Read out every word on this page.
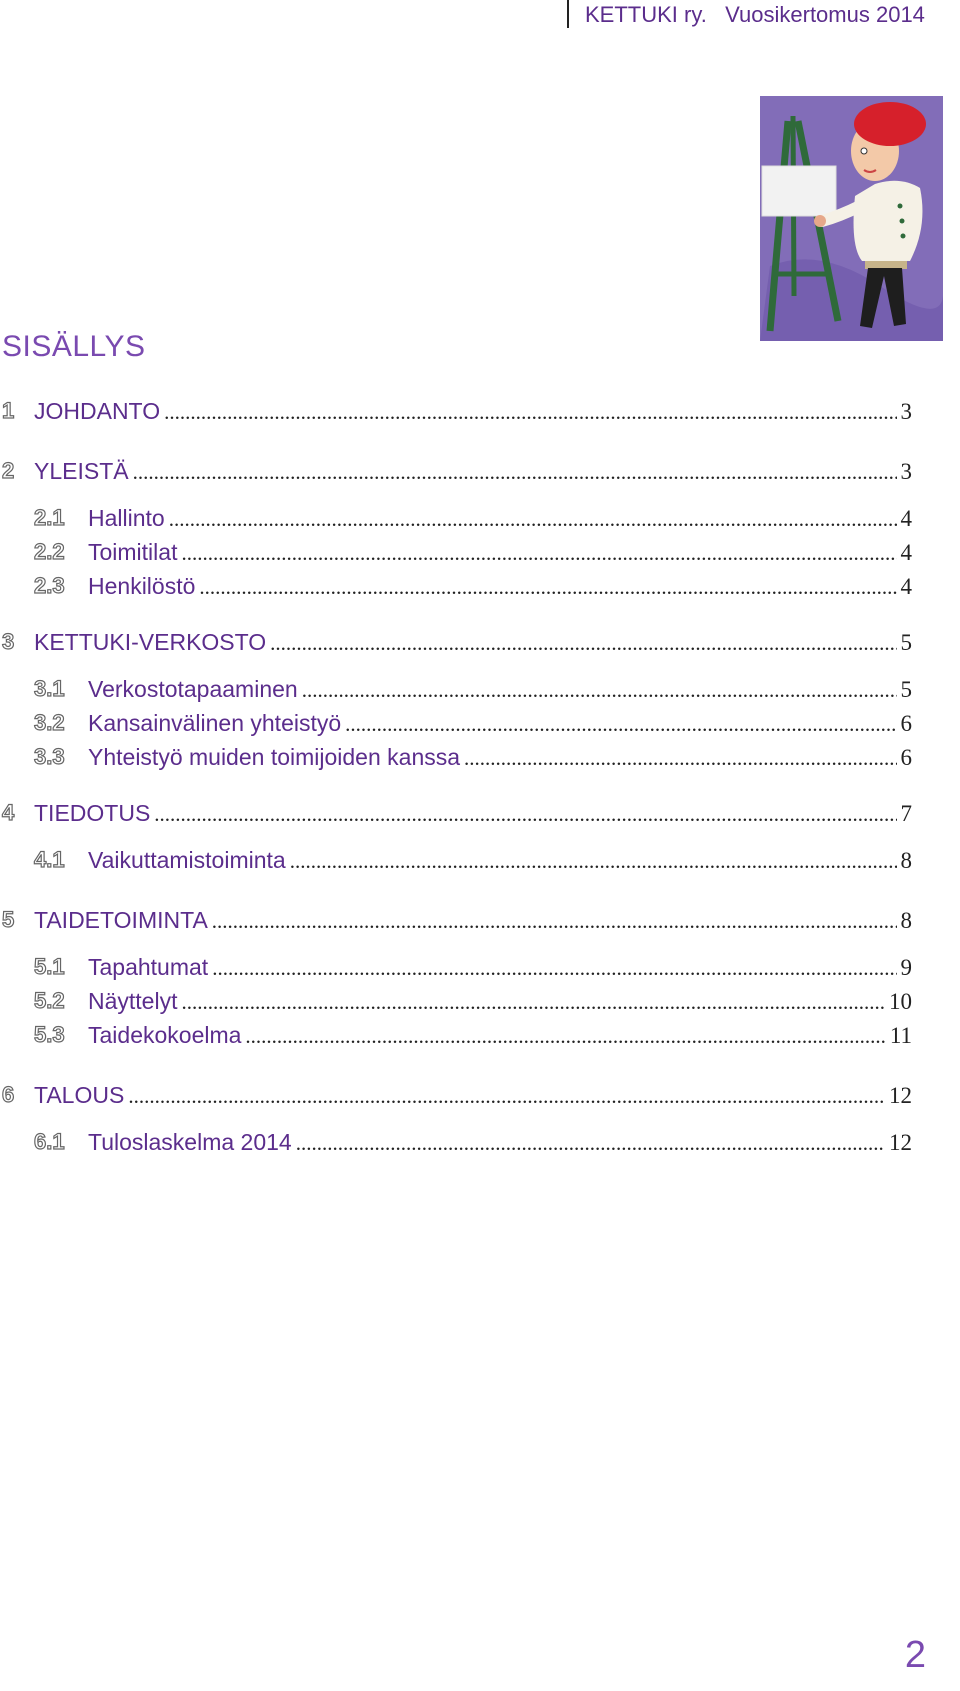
KETTUKI ry. Vuosikertomus 2014
SISÄLLYS
1 JOHDANTO .....	3
2 YLEISTÄ .....	3
2.1 Hallinto .....	4
2.2 Toimitilat .....	4
2.3 Henkilöstö .....	4
3 KETTUKI-VERKOSTO .....	5
3.1 Verkostotapaaminen .....	5
3.2 Kansainvälinen yhteistyö .....	6
3.3 Yhteistyö muiden toimijoiden kanssa .....	6
4 TIEDOTUS .....	7
4.1 Vaikuttamistoiminta .....	8
5 TAIDETOIMINTA .....	8
5.1 Tapahtumat .....	9
5.2 Näyttelyt .....	10
5.3 Taidekokoelma .....	11
6 TALOUS .....	12
6.1 Tuloslaskelma 2014 .....	12
2
